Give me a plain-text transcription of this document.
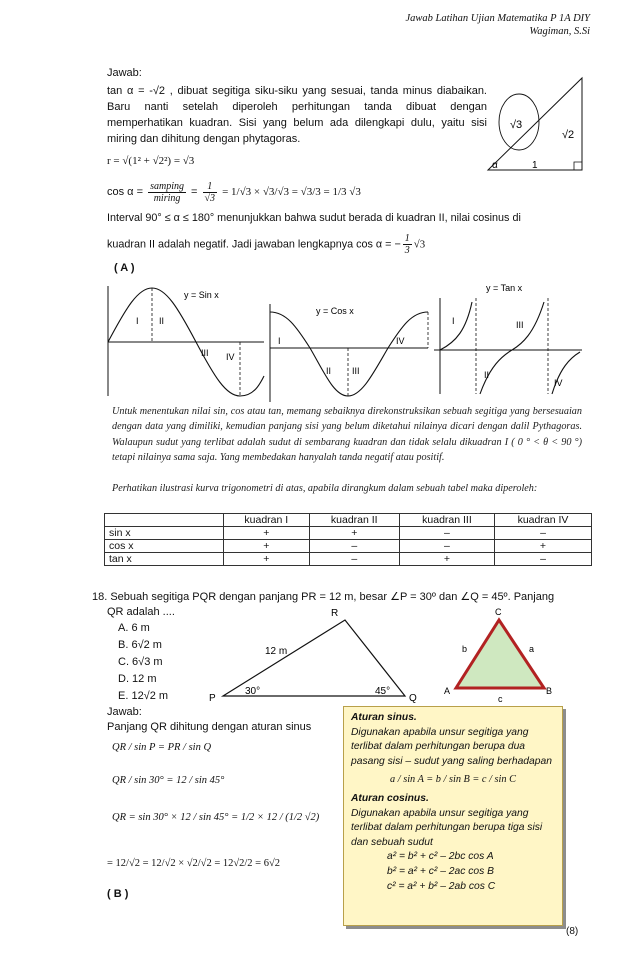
Jawab Latihan Ujian Matematika P 1A DIY
Wagiman, S.Si
Jawab:
tan α = -√2 , dibuat segitiga siku-siku yang sesuai, tanda minus diabaikan. Baru nanti setelah diperoleh perhitungan tanda dibuat dengan memperhatikan kuadran. Sisi yang belum ada dilengkapi dulu, yaitu sisi miring dan dihitung dengan phytagoras.
√3
√2
1
α
r = √(1² + √2²) = √3
$\cos \alpha = \frac{\text{samping}}{\text{miring}} = \frac{1}{√3} = 1/√3 \times √3/√3 = √3/3 = 1/3$ √3
Interval 90° ≤ α ≤ 180° menunjukkan bahwa sudut berada di kuadran II, nilai cosinus di
kuadran II adalah negatif. Jadi jawaban lengkapnya cos α = − $\frac{1}{3} √3$
( A )
y = Sin x
I II
III IV
y = Cos x
I
II III
IV
y = Tan x
I
II
III
IV
Untuk menentukan nilai sin, cos atau tan, memang sebaiknya direkonstruksikan sebuah segitiga yang bersesuaian dengan data yang dimiliki, kemudian panjang sisi yang belum diketahui nilainya dicari dengan dalil Pythagoras. Walaupun sudut yang terlibat adalah sudut di sembarang kuadran dan tidak selalu dikuadran I ( 0 ° < θ < 90 °) tetapi nilainya sama saja. Yang membedakan hanyalah tanda negatif atau positif.
Perhatikan ilustrasi kurva trigonometri di atas, apabila dirangkum dalam sebuah tabel maka diperoleh:
	kuadran I	kuadran II	kuadran III	kuadran IV
sin x	+	+	–	–
cos x	+	–	–	+
tan x	+	–	+	–
18. Sebuah segitiga PQR dengan panjang PR = 12 m, besar ∠P = 30º dan ∠Q = 45º. Panjang
QR adalah ....
A. 6 m
B. 6√2 m
C. 6√3 m
D. 12 m
E. 12√2 m	P	Q
R
12 m
30°	45°	A	B
C
a
b
c
Jawab:
Panjang QR dihitung dengan aturan sinus
QR / sin P = PR / sin Q
QR / sin 30° = 12 / sin 45°
QR = sin 30° × 12 / sin 45° = 1/2 × 12 / (1/2 √2)
= 12/√2 = 12/√2 × √2/√2 = 12√2/2 = 6√2
( B )
Aturan sinus.
Digunakan apabila unsur segitiga yang terlibat dalam perhitungan berupa dua pasang sisi – sudut yang saling berhadapan
a / sin A = b / sin B = c / sin C
Aturan cosinus.
Digunakan apabila unsur segitiga yang terlibat dalam perhitungan berupa tiga sisi dan sebuah sudut
a² = b² + c² – 2bc cos A
b² = a² + c² – 2ac cos B
c² = a² + b² – 2ab cos C
(8)
